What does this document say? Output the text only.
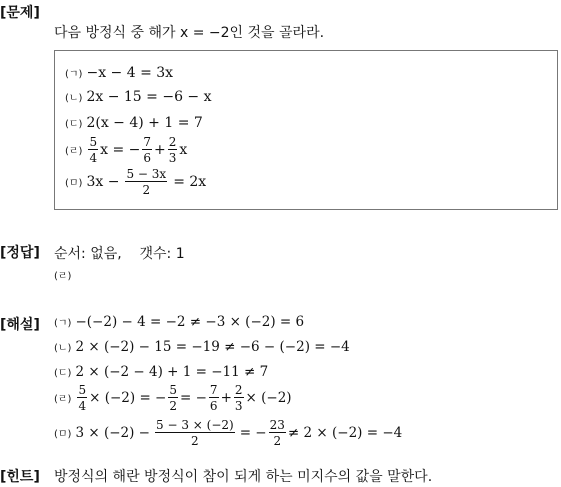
[문제]
다음 방정식 중 해가 x = −2인 것을 골라라.
(ㄱ) −x − 4 = 3x
(ㄴ) 2x − 15 = −6 − x
(ㄷ) 2(x − 4) + 1 = 7
(ㄹ) $\frac{5}{4}$ x = − $\frac{7}{6} + \frac{2}{3}$ x
(ㅁ) $3x - \frac{5 - 3x}{2} = 2x$
[정답] 순서: 없음,    갯수: 1
(ㄹ)
[해설] (ㄱ) −(−2) − 4 = −2 ≠ −3 × (−2) = 6
(ㄴ) 2 × (−2) − 15 = −19 ≠ −6 − (−2) = −4
(ㄷ) 2 × (−2 − 4) + 1 = −11 ≠ 7
(ㄹ) $\frac{5}{4} \times (-2)$ = − $\frac{5}{2}$ = − $\frac{7}{6} + \frac{2}{3} \times (-2)$
(ㅁ) $3 \times (-2) - \frac{5 - 3 \times (-2)}{2}$ = − $\frac{23}{2} \ne 2 \times (-2) = -4$
[힌트] 방정식의 해란 방정식이 참이 되게 하는 미지수의 값을 말한다.
